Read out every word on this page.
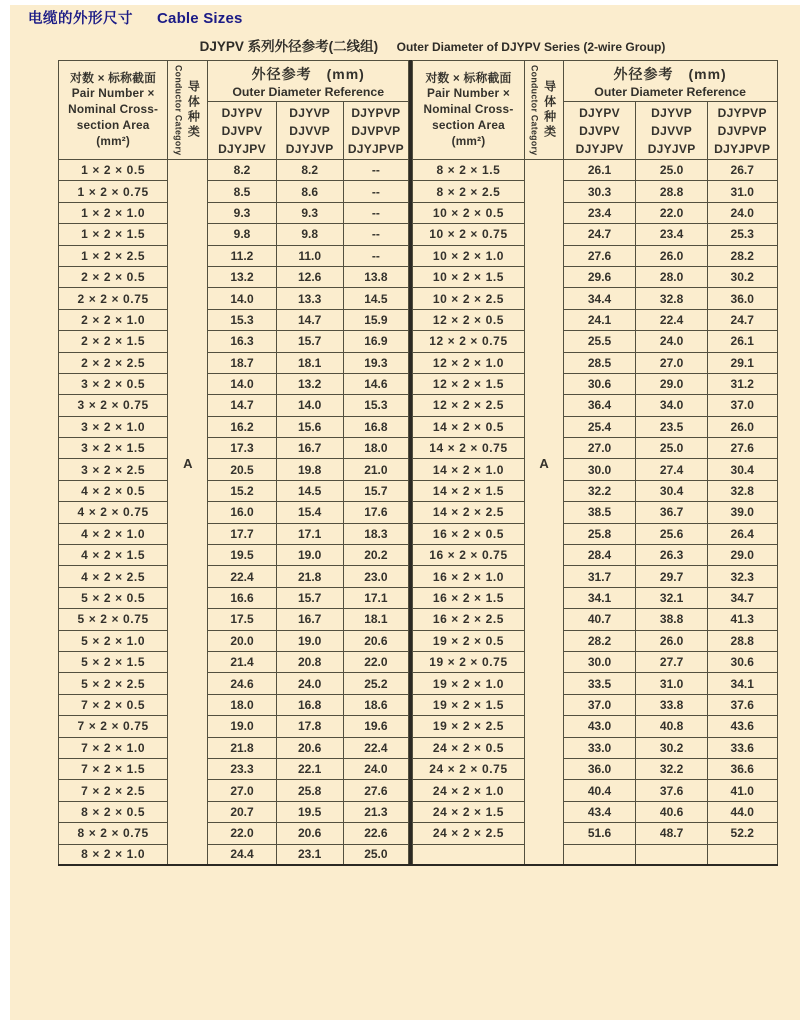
电缆的外形尺寸 Cable Sizes
DJYPV 系列外径参考(二线组) Outer Diameter of DJYPV Series (2-wire Group)
对数 × 标称截面
Pair Number ×
Nominal Cross-
section Area
(mm²)	Conductor Category 导体种类

外径参考　(mm)
Outer Diameter Reference

DJYPV
DJVPV
DJYJPV

DJYVP
DJVVP
DJYJVP

DJYPVP
DJVPVP
DJYJPVP

1 × 2 × 0.5	A	8.2	8.2	--
1 × 2 × 0.75		8.5	8.6	--
1 × 2 × 1.0		9.3	9.3	--
1 × 2 × 1.5		9.8	9.8	--
1 × 2 × 2.5		11.2	11.0	--
2 × 2 × 0.5		13.2	12.6	13.8
2 × 2 × 0.75		14.0	13.3	14.5
2 × 2 × 1.0		15.3	14.7	15.9
2 × 2 × 1.5		16.3	15.7	16.9
2 × 2 × 2.5		18.7	18.1	19.3
3 × 2 × 0.5		14.0	13.2	14.6
3 × 2 × 0.75		14.7	14.0	15.3
3 × 2 × 1.0		16.2	15.6	16.8
3 × 2 × 1.5		17.3	16.7	18.0
3 × 2 × 2.5		20.5	19.8	21.0
4 × 2 × 0.5		15.2	14.5	15.7
4 × 2 × 0.75		16.0	15.4	17.6
4 × 2 × 1.0		17.7	17.1	18.3
4 × 2 × 1.5		19.5	19.0	20.2
4 × 2 × 2.5		22.4	21.8	23.0
5 × 2 × 0.5		16.6	15.7	17.1
5 × 2 × 0.75		17.5	16.7	18.1
5 × 2 × 1.0		20.0	19.0	20.6
5 × 2 × 1.5		21.4	20.8	22.0
5 × 2 × 2.5		24.6	24.0	25.2
7 × 2 × 0.5		18.0	16.8	18.6
7 × 2 × 0.75		19.0	17.8	19.6
7 × 2 × 1.0		21.8	20.6	22.4
7 × 2 × 1.5		23.3	22.1	24.0
7 × 2 × 2.5		27.0	25.8	27.6
8 × 2 × 0.5		20.7	19.5	21.3
8 × 2 × 0.75		22.0	20.6	22.6
8 × 2 × 1.0		24.4	23.1	25.0
对数 × 标称截面
Pair Number ×
Nominal Cross-
section Area
(mm²)	Conductor Category 导体种类

外径参考　(mm)
Outer Diameter Reference

DJYPV
DJVPV
DJYJPV

DJYVP
DJVVP
DJYJVP

DJYPVP
DJVPVP
DJYJPVP

8 × 2 × 1.5	A	26.1	25.0	26.7
8 × 2 × 2.5		30.3	28.8	31.0
10 × 2 × 0.5		23.4	22.0	24.0
10 × 2 × 0.75		24.7	23.4	25.3
10 × 2 × 1.0		27.6	26.0	28.2
10 × 2 × 1.5		29.6	28.0	30.2
10 × 2 × 2.5		34.4	32.8	36.0
12 × 2 × 0.5		24.1	22.4	24.7
12 × 2 × 0.75		25.5	24.0	26.1
12 × 2 × 1.0		28.5	27.0	29.1
12 × 2 × 1.5		30.6	29.0	31.2
12 × 2 × 2.5		36.4	34.0	37.0
14 × 2 × 0.5		25.4	23.5	26.0
14 × 2 × 0.75		27.0	25.0	27.6
14 × 2 × 1.0		30.0	27.4	30.4
14 × 2 × 1.5		32.2	30.4	32.8
14 × 2 × 2.5		38.5	36.7	39.0
16 × 2 × 0.5		25.8	25.6	26.4
16 × 2 × 0.75		28.4	26.3	29.0
16 × 2 × 1.0		31.7	29.7	32.3
16 × 2 × 1.5		34.1	32.1	34.7
16 × 2 × 2.5		40.7	38.8	41.3
19 × 2 × 0.5		28.2	26.0	28.8
19 × 2 × 0.75		30.0	27.7	30.6
19 × 2 × 1.0		33.5	31.0	34.1
19 × 2 × 1.5		37.0	33.8	37.6
19 × 2 × 2.5		43.0	40.8	43.6
24 × 2 × 0.5		33.0	30.2	33.6
24 × 2 × 0.75		36.0	32.2	36.6
24 × 2 × 1.0		40.4	37.6	41.0
24 × 2 × 1.5		43.4	40.6	44.0
24 × 2 × 2.5		51.6	48.7	52.2
